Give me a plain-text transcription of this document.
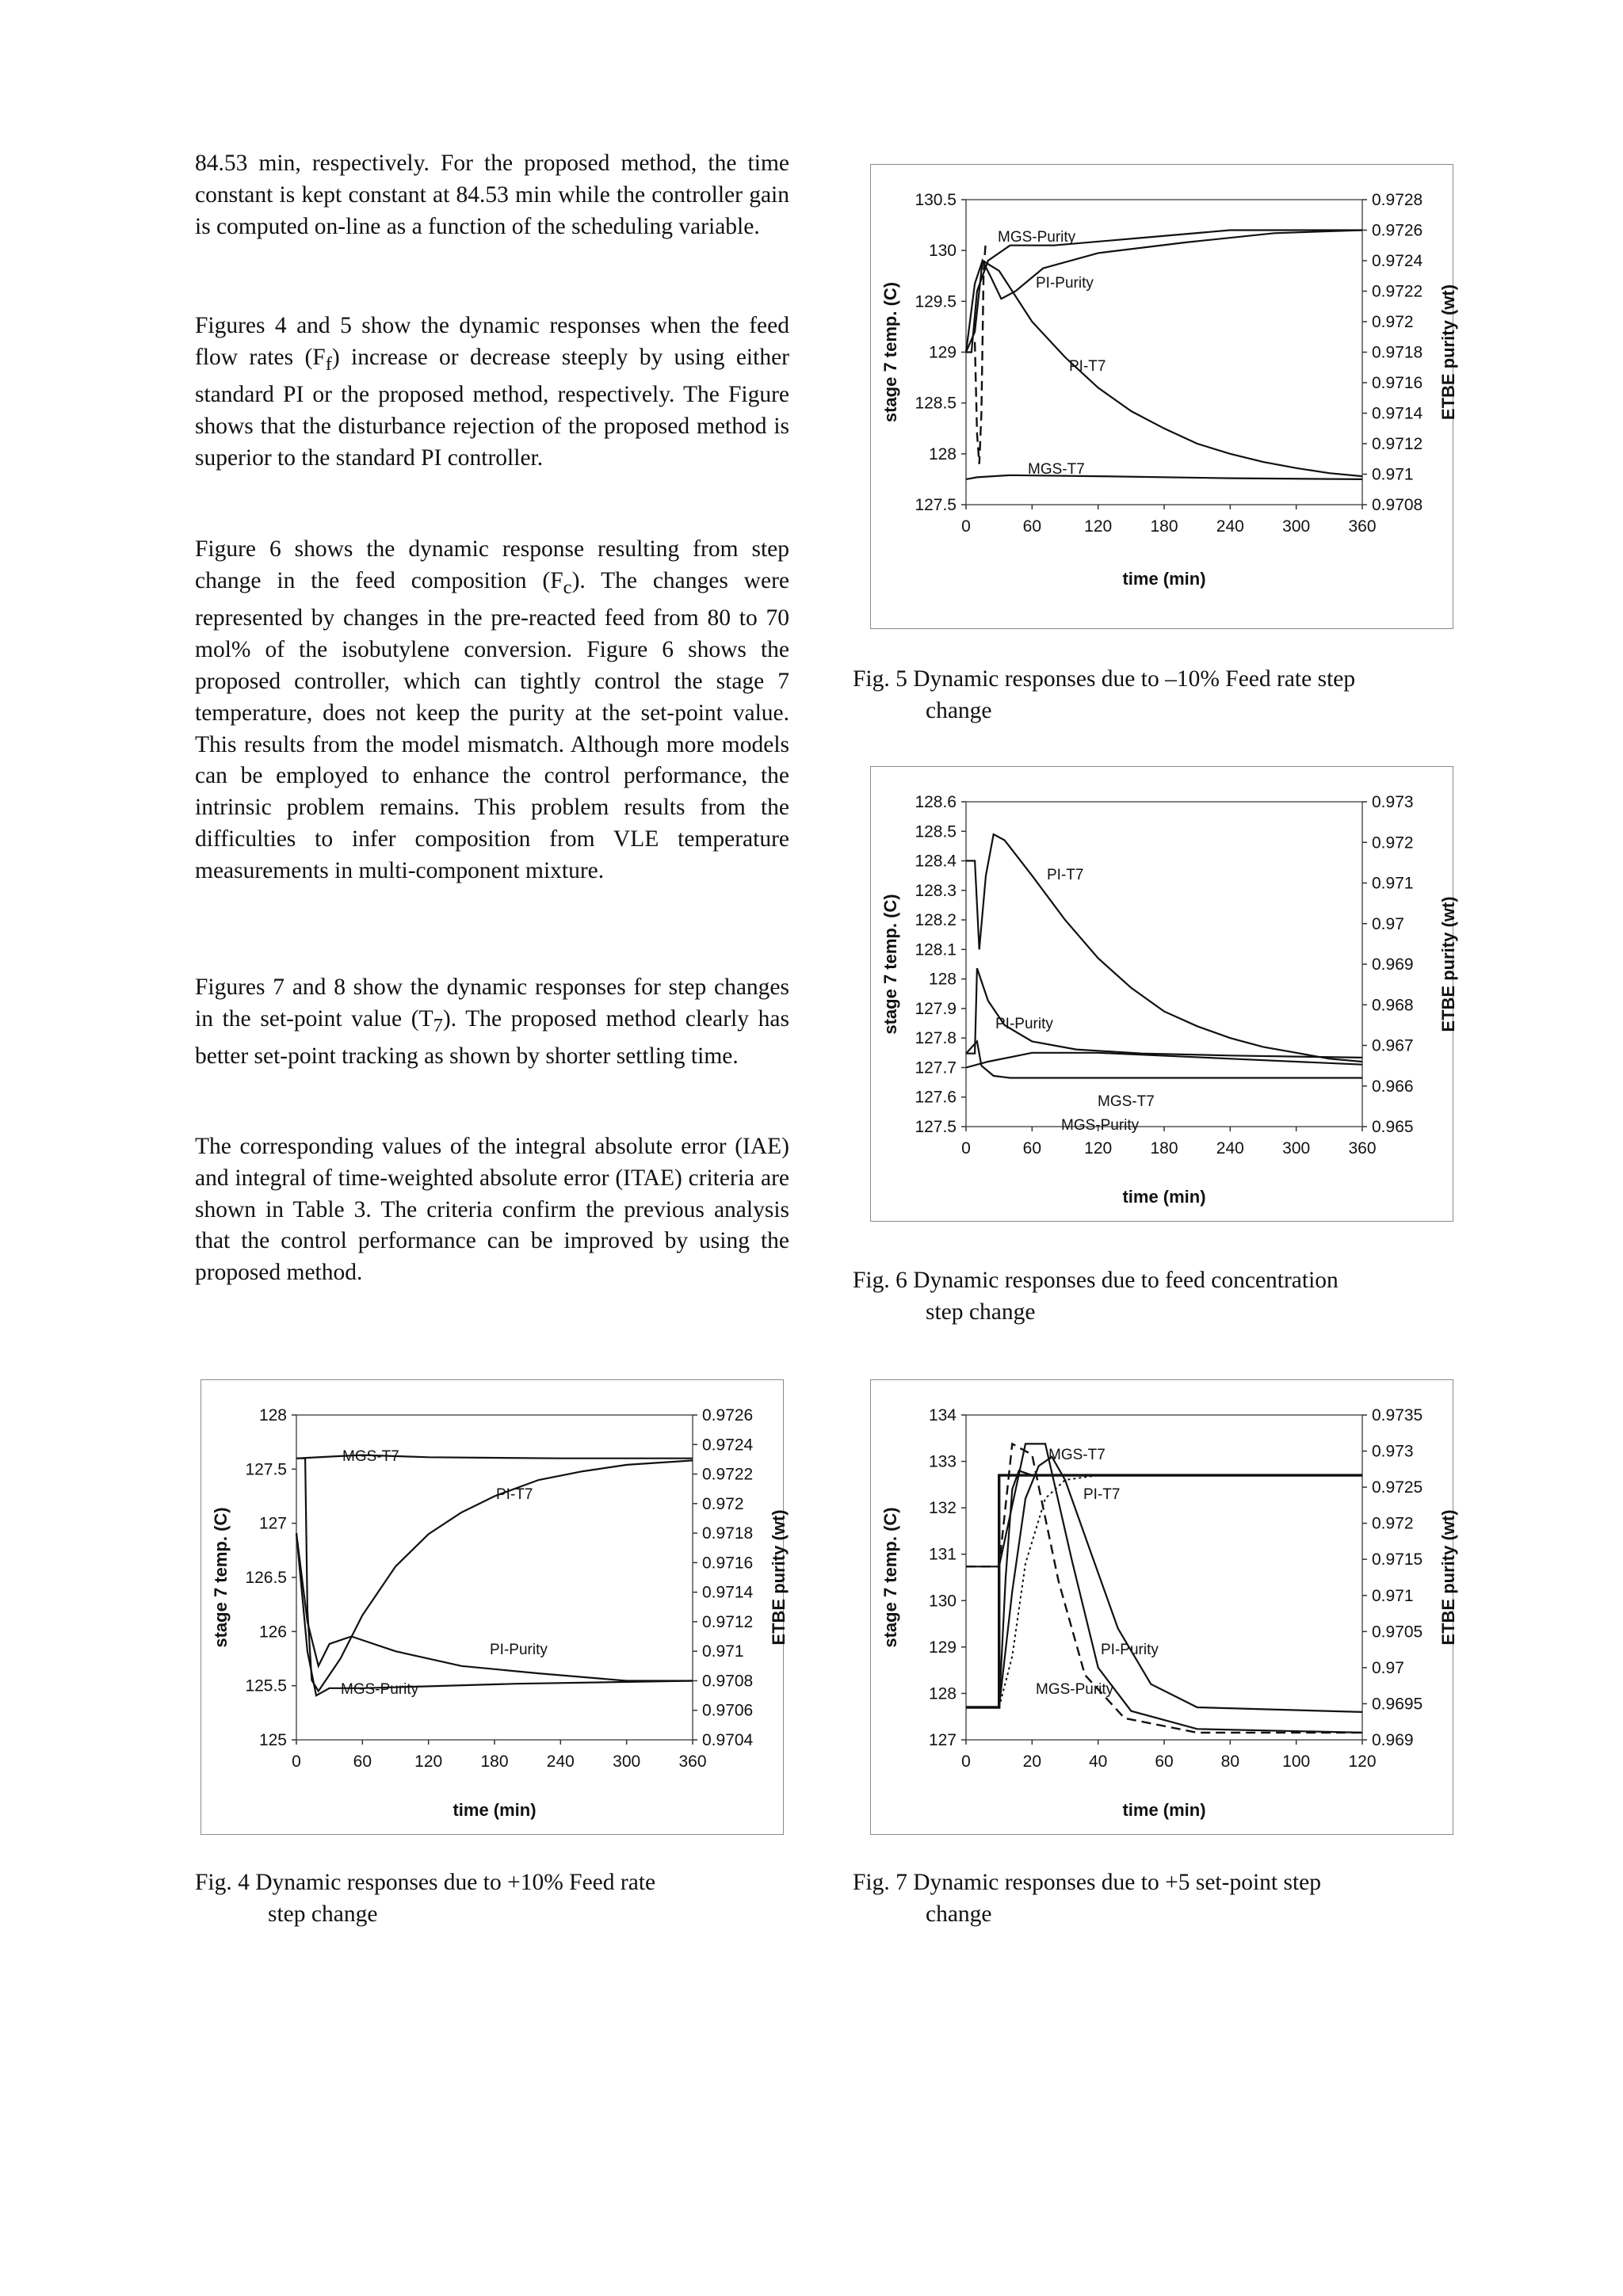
84.53 min, respectively. For the proposed method, the time constant is kept constant at 84.53 min while the controller gain is computed on-line as a function of the scheduling variable.

Figures 4 and 5 show the dynamic responses when the feed flow rates $(F_f)$ increase or decrease steeply by using either standard PI or the proposed method, respectively. The Figure shows that the disturbance rejection of the proposed method is superior to the standard PI controller.

Figure 6 shows the dynamic response resulting from step change in the feed composition $(F_c)$. The changes were represented by changes in the pre-reacted feed from 80 to 70 mol% of the isobutylene conversion. Figure 6 shows the proposed controller, which can tightly control the stage 7 temperature, does not keep the purity at the set-point value. This results from the model mismatch. Although more models can be employed to enhance the control performance, the intrinsic problem remains. This problem results from the difficulties to infer composition from VLE temperature measurements in multi-component mixture.

Figures 7 and 8 show the dynamic responses for step changes in the set-point value $(T_7)$. The proposed method clearly has better set-point tracking as shown by shorter settling time.

The corresponding values of the integral absolute error (IAE) and integral of time-weighted absolute error (ITAE) criteria are shown in Table 3. The criteria confirm the previous analysis that the control performance can be improved by using the proposed method.

127.5
128
128.5
129
129.5
130
130.5
0.9708
0.971
0.9712
0.9714
0.9716
0.9718
0.972
0.9722
0.9724
0.9726
0.9728
0	60	120 180 240 300 360
time (min)
stage 7 temp. (C)	ETBE purity (wt)
MGS-Purity
PI-Purity
PI-T7
MGS-T7

Fig. 5 Dynamic responses due to –10% Feed rate step
change

127.5
127.6
127.7
127.8
127.9
128
128.1
128.2
128.3
128.4
128.5
128.6
0.965
0.966
0.967
0.968
0.969
0.97
0.971
0.972
0.973
0	60	120 180 240 300 360
time (min)
stage 7 temp. (C)	ETBE purity (wt)
PI-T7
PI-Purity
MGS-T7
MGS-Purity

Fig. 6 Dynamic responses due to feed concentration
step change

125
125.5
126
126.5
127
127.5
128
0.9704
0.9706
0.9708
0.971
0.9712
0.9714
0.9716
0.9718
0.972
0.9722
0.9724
0.9726
0	60	120 180 240 300 360
time (min)
stage 7 temp. (C)	ETBE purity (wt)
MGS-T7
PI-T7
PI-Purity
MGS-Purity

Fig. 4 Dynamic responses due to +10% Feed rate
step change

127
128
129
130
131
132
133
134
0.969
0.9695
0.97
0.9705
0.971
0.9715
0.972
0.9725
0.973
0.9735
0	20	40	60	80	100 120
time (min)
stage 7 temp. (C)	ETBE purity (wt)
MGS-T7
PI-T7
PI-Purity
MGS-Purity

Fig. 7 Dynamic responses due to +5 set-point step
change
